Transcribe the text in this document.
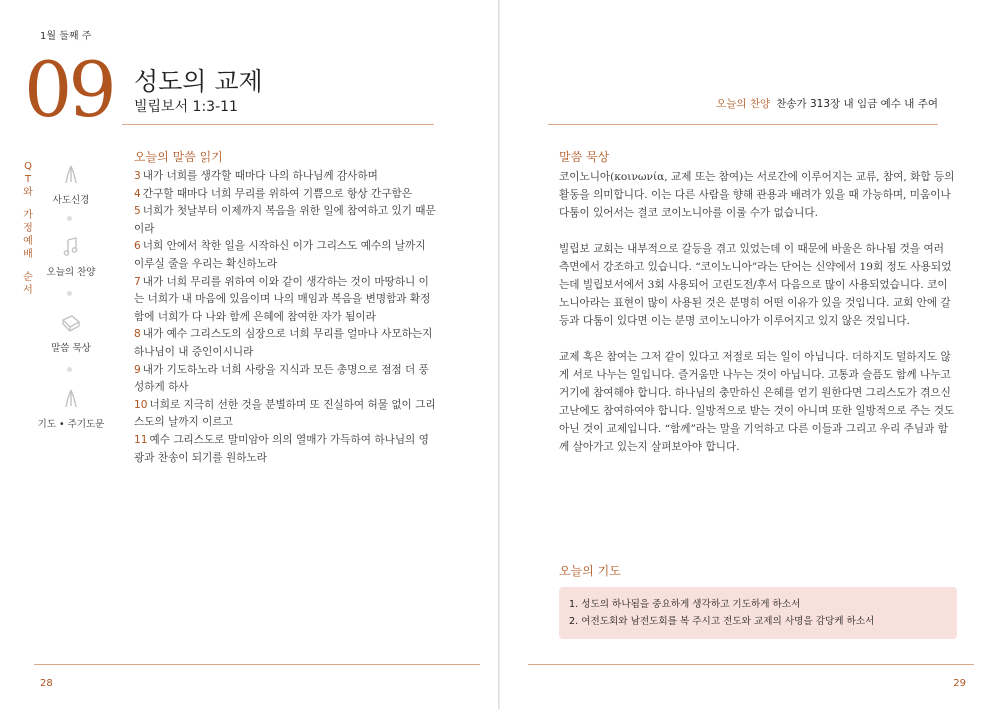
1월 둘째 주
09 성도의 교제
빌립보서 1:3-11
Q
T
와
가
정
예
배
순
서
사도신경
오늘의 찬양
말씀 묵상
기도 • 주기도문
오늘의 말씀 읽기

3 내가 너희를 생각할 때마다 나의 하나님께 감사하며

4 간구할 때마다 너희 무리를 위하여 기쁨으로 항상 간구함은

5 너희가 첫날부터 이제까지 복음을 위한 일에 참여하고 있기 때문이라

6 너희 안에서 착한 일을 시작하신 이가 그리스도 예수의 날까지 이루실 줄을 우리는 확신하노라

7 내가 너희 무리를 위하여 이와 같이 생각하는 것이 마땅하니 이는 너희가 내 마음에 있음이며 나의 매임과 복음을 변명함과 확정함에 너희가 다 나와 함께 은혜에 참여한 자가 됨이라

8 내가 예수 그리스도의 심장으로 너희 무리를 얼마나 사모하는지 하나님이 내 증인이시니라

9 내가 기도하노라 너희 사랑을 지식과 모든 총명으로 점점 더 풍성하게 하사

10 너희로 지극히 선한 것을 분별하며 또 진실하여 허물 없이 그리스도의 날까지 이르고

11 예수 그리스도로 말미암아 의의 열매가 가득하여 하나님의 영광과 찬송이 되기를 원하노라

28	29
오늘의 찬양 찬송가 313장 내 임금 예수 내 주여
말씀 묵상

코이노니아(κοινωνία, 교제 또는 참여)는 서로간에 이루어지는 교류, 참여, 화합 등의 활동을 의미합니다. 이는 다른 사람을 향해 관용과 배려가 있을 때 가능하며, 미움이나 다툼이 있어서는 결코 코이노니아를 이룰 수가 없습니다.

빌립보 교회는 내부적으로 갈등을 겪고 있었는데 이 때문에 바울은 하나됨 것을 여러 측면에서 강조하고 있습니다. “코이노니아”라는 단어는 신약에서 19회 정도 사용되었는데 빌립보서에서 3회 사용되어 고린도전/후서 다음으로 많이 사용되었습니다. 코이노니아라는 표현이 많이 사용된 것은 분명히 어떤 이유가 있을 것입니다. 교회 안에 갈등과 다툼이 있다면 이는 분명 코이노니아가 이루어지고 있지 않은 것입니다.

교제 혹은 참여는 그저 같이 있다고 저절로 되는 일이 아닙니다. 더하지도 덜하지도 않게 서로 나누는 일입니다. 즐거움만 나누는 것이 아닙니다. 고통과 슬픔도 함께 나누고 거기에 참여해야 합니다. 하나님의 충만하신 은혜를 얻기 원한다면 그리스도가 겪으신 고난에도 참여하여야 합니다. 일방적으로 받는 것이 아니며 또한 일방적으로 주는 것도 아닌 것이 교제입니다. “함께”라는 말을 기억하고 다른 이들과 그리고 우리 주님과 함께 살아가고 있는지 살펴보아야 합니다.

오늘의 기도
1. 성도의 하나됨을 중요하게 생각하고 기도하게 하소서
2. 여전도회와 남전도회를 복 주시고 전도와 교제의 사명을 감당케 하소서
